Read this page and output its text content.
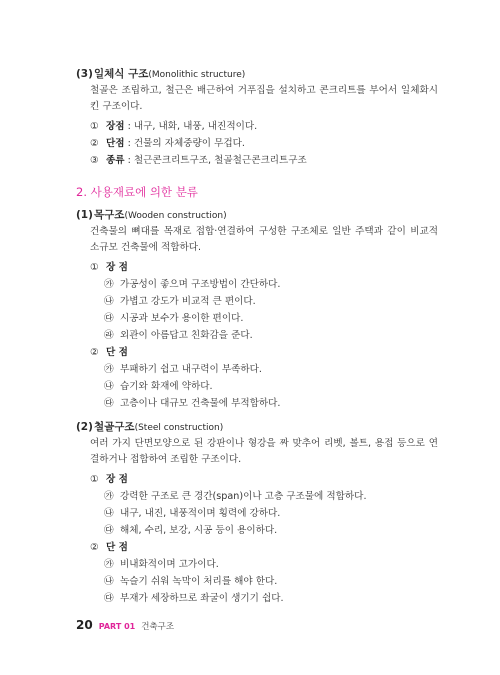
(3)일체식 구조(Monolithic structure)
철골은 조립하고, 철근은 배근하여 거푸집을 설치하고 콘크리트를 부어서 일체화시킨 구조이다.
① 장점 : 내구, 내화, 내풍, 내진적이다.
② 단점 : 건물의 자체중량이 무겁다.
③ 종류 : 철근콘크리트구조, 철골철근콘크리트구조
2. 사용재료에 의한 분류
(1)목구조(Wooden construction)
건축물의 뼈대를 목재로 접합·연결하여 구성한 구조체로 일반 주택과 같이 비교적 소규모 건축물에 적합하다.
① 장 점
㉮ 가공성이 좋으며 구조방법이 간단하다.
㉯ 가볍고 강도가 비교적 큰 편이다.
㉰ 시공과 보수가 용이한 편이다.
㉱ 외관이 아름답고 친화감을 준다.
② 단 점
㉮ 부패하기 쉽고 내구력이 부족하다.
㉯ 습기와 화재에 약하다.
㉰ 고층이나 대규모 건축물에 부적합하다.
(2)철골구조(Steel construction)
여러 가지 단면모양으로 된 강판이나 형강을 짜 맞추어 리벳, 볼트, 용접 등으로 연결하거나 접합하여 조립한 구조이다.
① 장 점
㉮ 강력한 구조로 큰 경간(span)이나 고층 구조물에 적합하다.
㉯ 내구, 내진, 내풍적이며 횡력에 강하다.
㉰ 해체, 수리, 보강, 시공 등이 용이하다.
② 단 점
㉮ 비내화적이며 고가이다.
㉯ 녹슬기 쉬워 녹막이 처리를 해야 한다.
㉰ 부재가 세장하므로 좌굴이 생기기 쉽다.
20 PART 01 건축구조
